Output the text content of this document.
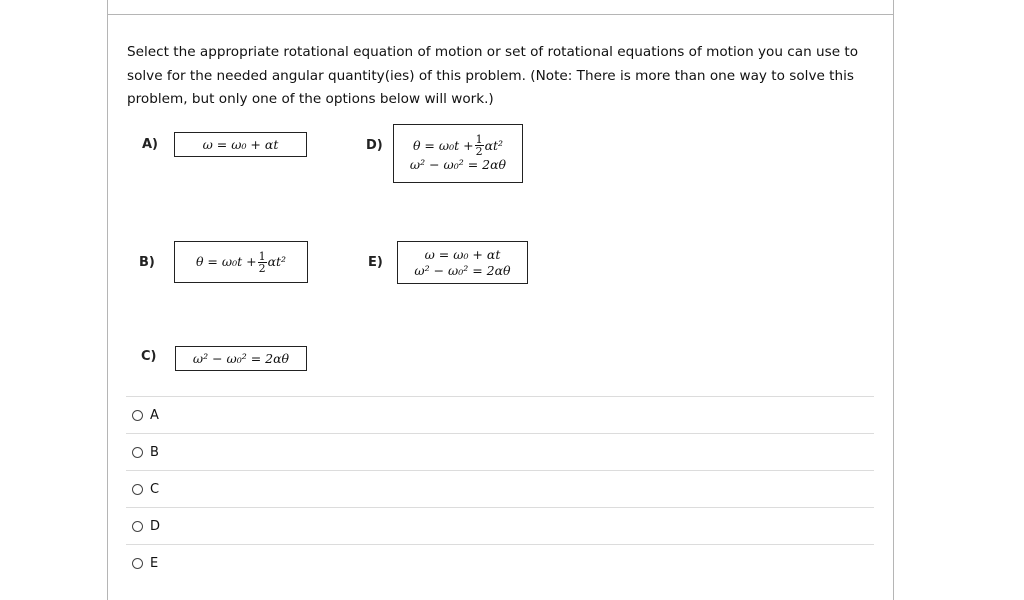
Select the appropriate rotational equation of motion or set of rotational equations of motion you can use to solve for the needed angular quantity(ies) of this problem. (Note: There is more than one way to solve this problem, but only one of the options below will work.)
A)	ω = ω₀ + αt
B)	$\theta = \omega_0t + \frac{1}{2} \alpha t^2$
C)	ω² − ω₀² = 2αθ
D) $\theta = \omega_0t + \frac{1}{2} \alpha t^2$
ω² − ω₀² = 2αθ
E)
ω = ω₀ + αt
ω² − ω₀² = 2αθ
A
B
C
D
E
